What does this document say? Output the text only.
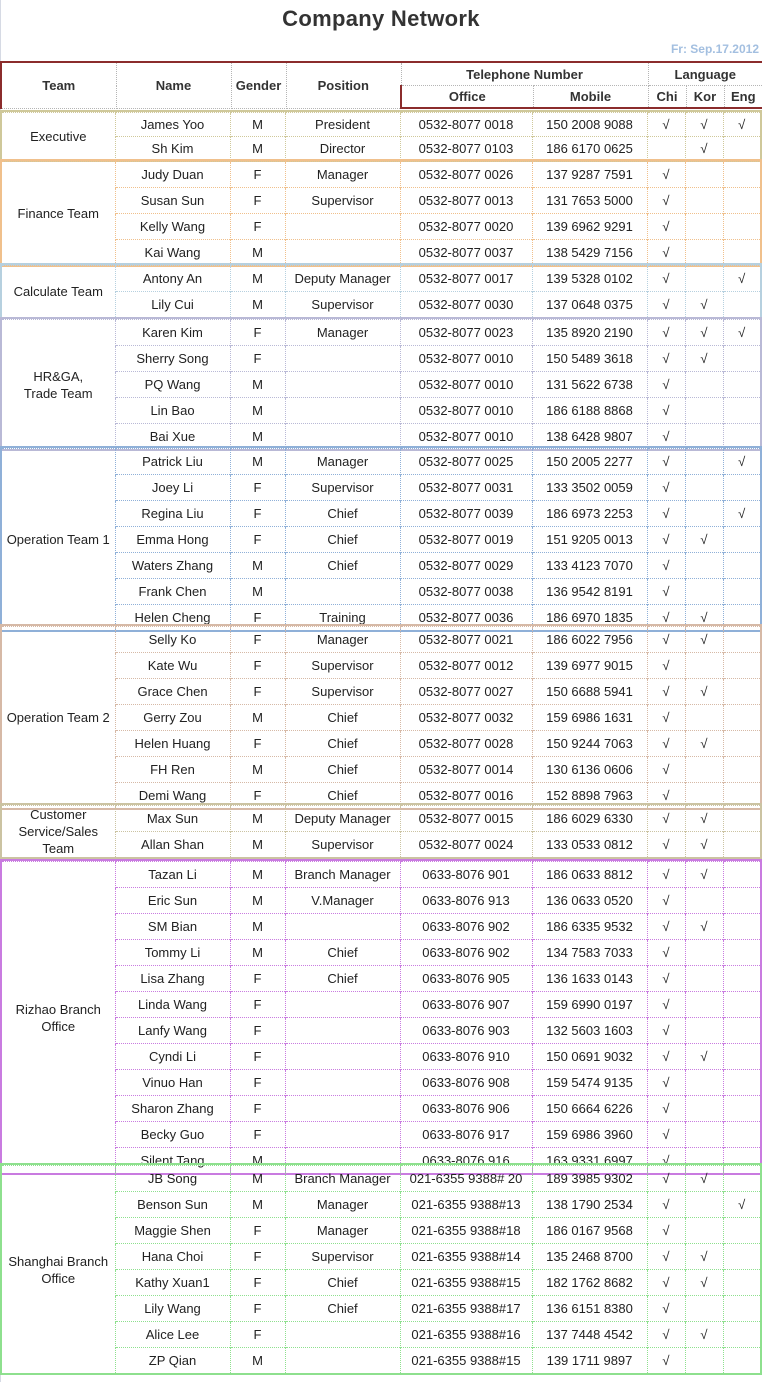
Company Network
Fr: Sep.17.2012
Team	Name	Gender	Position	Telephone Number		Language		
				Office	Mobile	Chi	Kor	Eng
Executive	James Yoo	M	President	0532-8077 0018	150 2008 9088	√	√	√
	Sh Kim	M	Director	0532-8077 0103	186 6170 0625		√	
Finance Team	Judy Duan	F	Manager	0532-8077 0026	137 9287 7591	√		
	Susan Sun	F	Supervisor	0532-8077 0013	131 7653 5000	√		
	Kelly Wang	F		0532-8077 0020	139 6962 9291	√		
	Kai Wang	M		0532-8077 0037	138 5429 7156	√		
Calculate Team	Antony An	M	Deputy Manager	0532-8077 0017	139 5328 0102	√		√
	Lily Cui	M	Supervisor	0532-8077 0030	137 0648 0375	√	√	
HR&GA,
Trade Team	Karen Kim	F	Manager	0532-8077 0023	135 8920 2190	√	√	√
	Sherry Song	F		0532-8077 0010	150 5489 3618	√	√	
	PQ Wang	M		0532-8077 0010	131 5622 6738	√		
	Lin Bao	M		0532-8077 0010	186 6188 8868	√		
	Bai Xue	M		0532-8077 0010	138 6428 9807	√		
Operation Team 1	Patrick Liu	M	Manager	0532-8077 0025	150 2005 2277	√		√
	Joey Li	F	Supervisor	0532-8077 0031	133 3502 0059	√		
	Regina Liu	F	Chief	0532-8077 0039	186 6973 2253	√		√
	Emma Hong	F	Chief	0532-8077 0019	151 9205 0013	√	√	
	Waters Zhang	M	Chief	0532-8077 0029	133 4123 7070	√		
	Frank Chen	M		0532-8077 0038	136 9542 8191	√		
	Helen Cheng	F	Training	0532-8077 0036	186 6970 1835	√	√	
Operation Team 2	Selly Ko	F	Manager	0532-8077 0021	186 6022 7956	√	√	
	Kate Wu	F	Supervisor	0532-8077 0012	139 6977 9015	√		
	Grace Chen	F	Supervisor	0532-8077 0027	150 6688 5941	√	√	
	Gerry Zou	M	Chief	0532-8077 0032	159 6986 1631	√		
	Helen Huang	F	Chief	0532-8077 0028	150 9244 7063	√	√	
	FH Ren	M	Chief	0532-8077 0014	130 6136 0606	√		
	Demi Wang	F	Chief	0532-8077 0016	152 8898 7963	√		
Customer Service/Sales Team	Max Sun	M	Deputy Manager	0532-8077 0015	186 6029 6330	√	√	
	Allan Shan	M	Supervisor	0532-8077 0024	133 0533 0812	√	√	
Rizhao Branch
Office	Tazan Li	M	Branch Manager	0633-8076 901	186 0633 8812	√	√	
	Eric Sun	M	V.Manager	0633-8076 913	136 0633 0520	√		
	SM Bian	M		0633-8076 902	186 6335 9532	√	√	
	Tommy Li	M	Chief	0633-8076 902	134 7583 7033	√		
	Lisa Zhang	F	Chief	0633-8076 905	136 1633 0143	√		
	Linda Wang	F		0633-8076 907	159 6990 0197	√		
	Lanfy Wang	F		0633-8076 903	132 5603 1603	√		
	Cyndi Li	F		0633-8076 910	150 0691 9032	√	√	
	Vinuo Han	F		0633-8076 908	159 5474 9135	√		
	Sharon Zhang	F		0633-8076 906	150 6664 6226	√		
	Becky Guo	F		0633-8076 917	159 6986 3960	√		
	Silent Tang	M		0633-8076 916	163 9331 6997	√		
Shanghai Branch
Office	JB Song	M	Branch Manager	021-6355 9388# 20	189 3985 9302	√	√	
	Benson Sun	M	Manager	021-6355 9388#13	138 1790 2534	√		√
	Maggie Shen	F	Manager	021-6355 9388#18	186 0167 9568	√		
	Hana Choi	F	Supervisor	021-6355 9388#14	135 2468 8700	√	√	
	Kathy Xuan1	F	Chief	021-6355 9388#15	182 1762 8682	√	√	
	Lily Wang	F	Chief	021-6355 9388#17	136 6151 8380	√		
	Alice Lee	F		021-6355 9388#16	137 7448 4542	√	√	
	ZP Qian	M		021-6355 9388#15	139 1711 9897	√		
